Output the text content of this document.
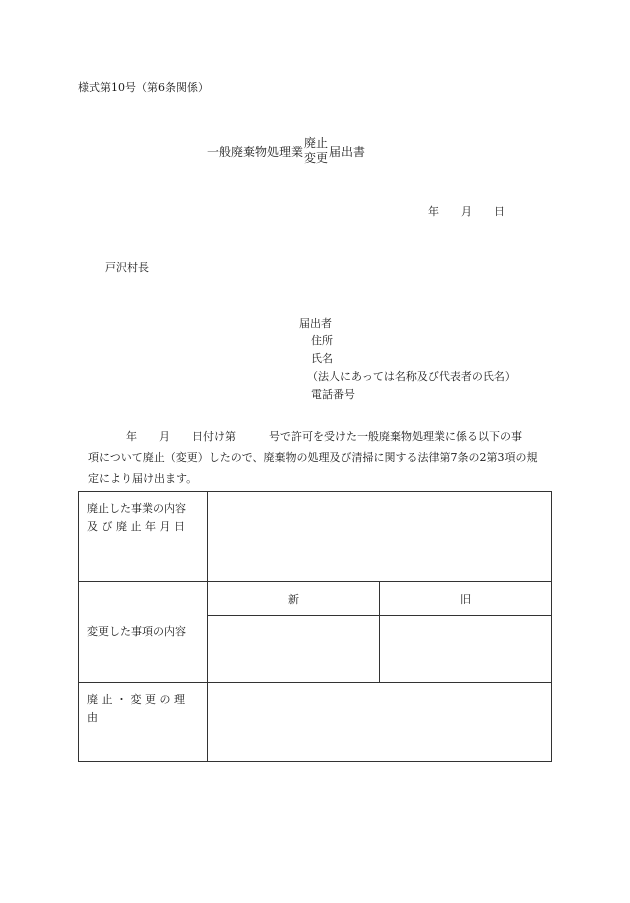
様式第10号（第6条関係）
一般廃棄物処理業
廃止
変更 届出書
年 月 日
戸沢村長
届出者
住所
氏名
（法人にあっては名称及び代表者の氏名）
電話番号
年　　月　　日付け第　　　号で許可を受けた一般廃棄物処理業に係る以下の事
項について廃止（変更）したので、廃棄物の処理及び清掃に関する法律第7条の2第3項の規
定により届け出ます。
廃止した事業の内容
及び廃止年月日		

変更した事項の内容	新	旧

廃止・変更の理由		
